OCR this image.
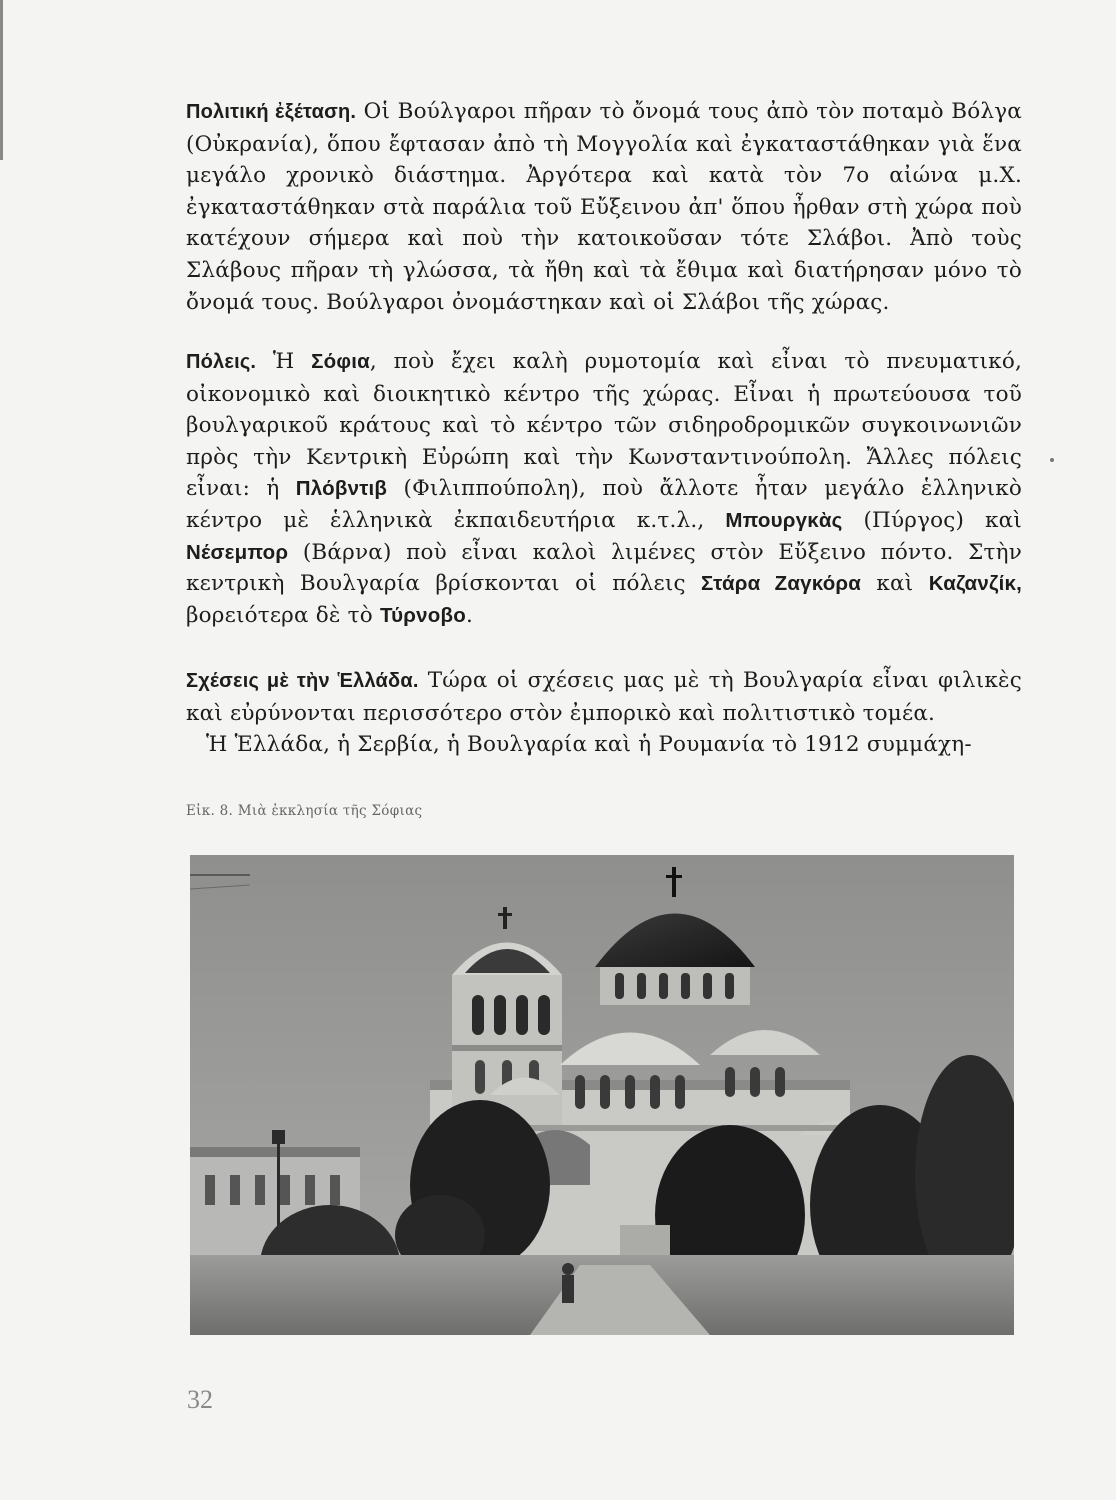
Πολιτική ἐξέταση. Οἱ Βούλγαροι πῆραν τὸ ὄνομά τους ἀπὸ τὸν ποταμὸ Βόλγα (Οὐκρανία), ὅπου ἔφτασαν ἀπὸ τὴ Μογγολία καὶ ἐγκαταστάθηκαν γιὰ ἕνα μεγάλο χρονικὸ διάστημα. Ἀργότερα καὶ κατὰ τὸν 7ο αἰώνα μ.Χ. ἐγκαταστάθηκαν στὰ παράλια τοῦ Εὔξεινου ἀπ' ὅπου ἦρθαν στὴ χώρα ποὺ κατέχουν σήμερα καὶ ποὺ τὴν κατοικοῦσαν τότε Σλάβοι. Ἀπὸ τοὺς Σλάβους πῆραν τὴ γλώσσα, τὰ ἤθη καὶ τὰ ἔθιμα καὶ διατήρησαν μόνο τὸ ὄνομά τους. Βούλγαροι ὀνομάστηκαν καὶ οἱ Σλάβοι τῆς χώρας.

Πόλεις. Ἡ Σόφια, ποὺ ἔχει καλὴ ρυμοτομία καὶ εἶναι τὸ πνευματικό, οἰκονομικὸ καὶ διοικητικὸ κέντρο τῆς χώρας. Εἶναι ἡ πρωτεύουσα τοῦ βουλγαρικοῦ κράτους καὶ τὸ κέντρο τῶν σιδηροδρομικῶν συγκοινωνιῶν πρὸς τὴν Κεντρικὴ Εὐρώπη καὶ τὴν Κωνσταντινούπολη. Ἄλλες πόλεις εἶναι: ἡ Πλόβντιβ (Φιλιππούπολη), ποὺ ἄλλοτε ἦταν μεγάλο ἑλληνικὸ κέντρο μὲ ἑλληνικὰ ἐκπαιδευτήρια κ.τ.λ., Μπουργκὰς (Πύργος) καὶ Νέσεμπορ (Βάρνα) ποὺ εἶναι καλοὶ λιμένες στὸν Εὔξεινο πόντο. Στὴν κεντρικὴ Βουλγαρία βρίσκονται οἱ πόλεις Στάρα Ζαγκόρα καὶ Καζανζίκ, βορειότερα δὲ τὸ Τύρνοβο.

Σχέσεις μὲ τὴν Ἑλλάδα. Τώρα οἱ σχέσεις μας μὲ τὴ Βουλγαρία εἶναι φιλικὲς καὶ εὐρύνονται περισσότερο στὸν ἐμπορικὸ καὶ πολιτιστικὸ τομέα.

Ἡ Ἑλλάδα, ἡ Σερβία, ἡ Βουλγαρία καὶ ἡ Ρουμανία τὸ 1912 συμμάχη-

Εἰκ. 8. Μιὰ ἐκκλησία τῆς Σόφιας
32
